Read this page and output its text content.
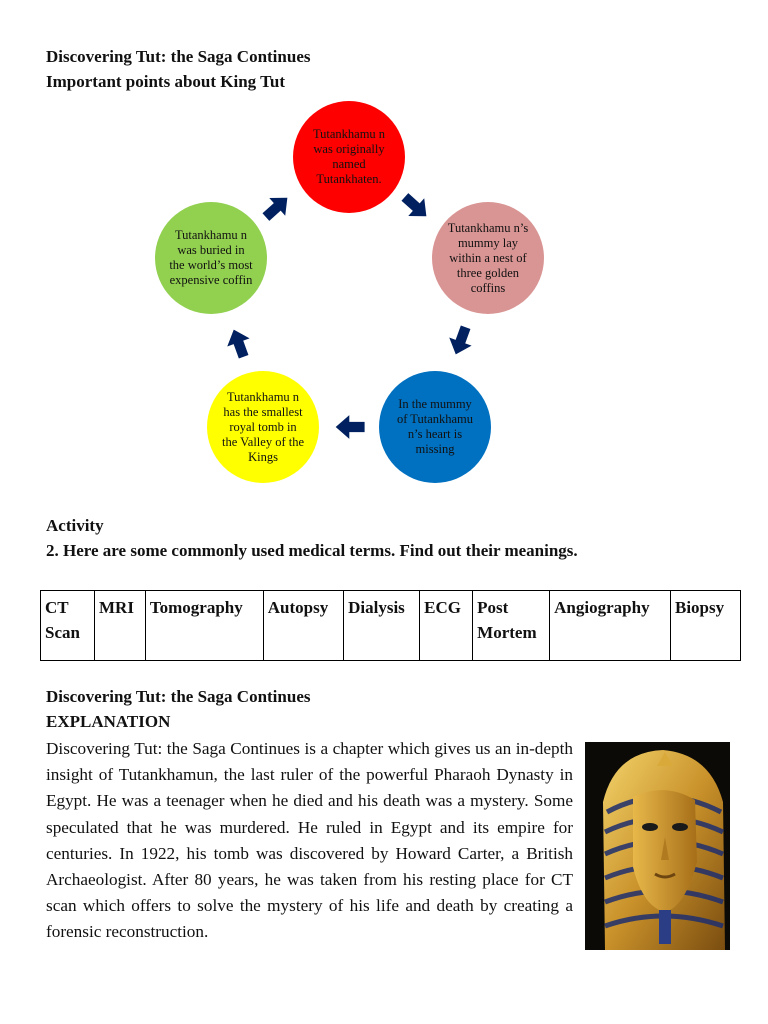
Discovering Tut: the Saga Continues
Important points about King Tut
Tutankhamu n was originally named Tutankhaten.
Tutankhamu n’s mummy lay within a nest of three golden coffins
In the mummy of Tutankhamu n’s heart is missing
Tutankhamu n has the smallest royal tomb in the Valley of the Kings
Tutankhamu n was buried in the world’s most expensive coffin
Activity
2. Here are some commonly used medical terms. Find out their meanings.
CT Scan	MRI	Tomography	Autopsy	Dialysis	ECG	Post Mortem	Angiography	Biopsy
Discovering Tut: the Saga Continues
EXPLANATION
Discovering Tut: the Saga Continues is a chapter which gives us an in-depth insight of Tutankhamun, the last ruler of the powerful Pharaoh Dynasty in Egypt. He was a teenager when he died and his death was a mystery. Some speculated that he was murdered. He ruled in Egypt and its empire for centuries. In 1922, his tomb was discovered by Howard Carter, a British Archaeologist. After 80 years, he was taken from his resting place for CT scan which offers to solve the mystery of his life and death by creating a forensic reconstruction.
